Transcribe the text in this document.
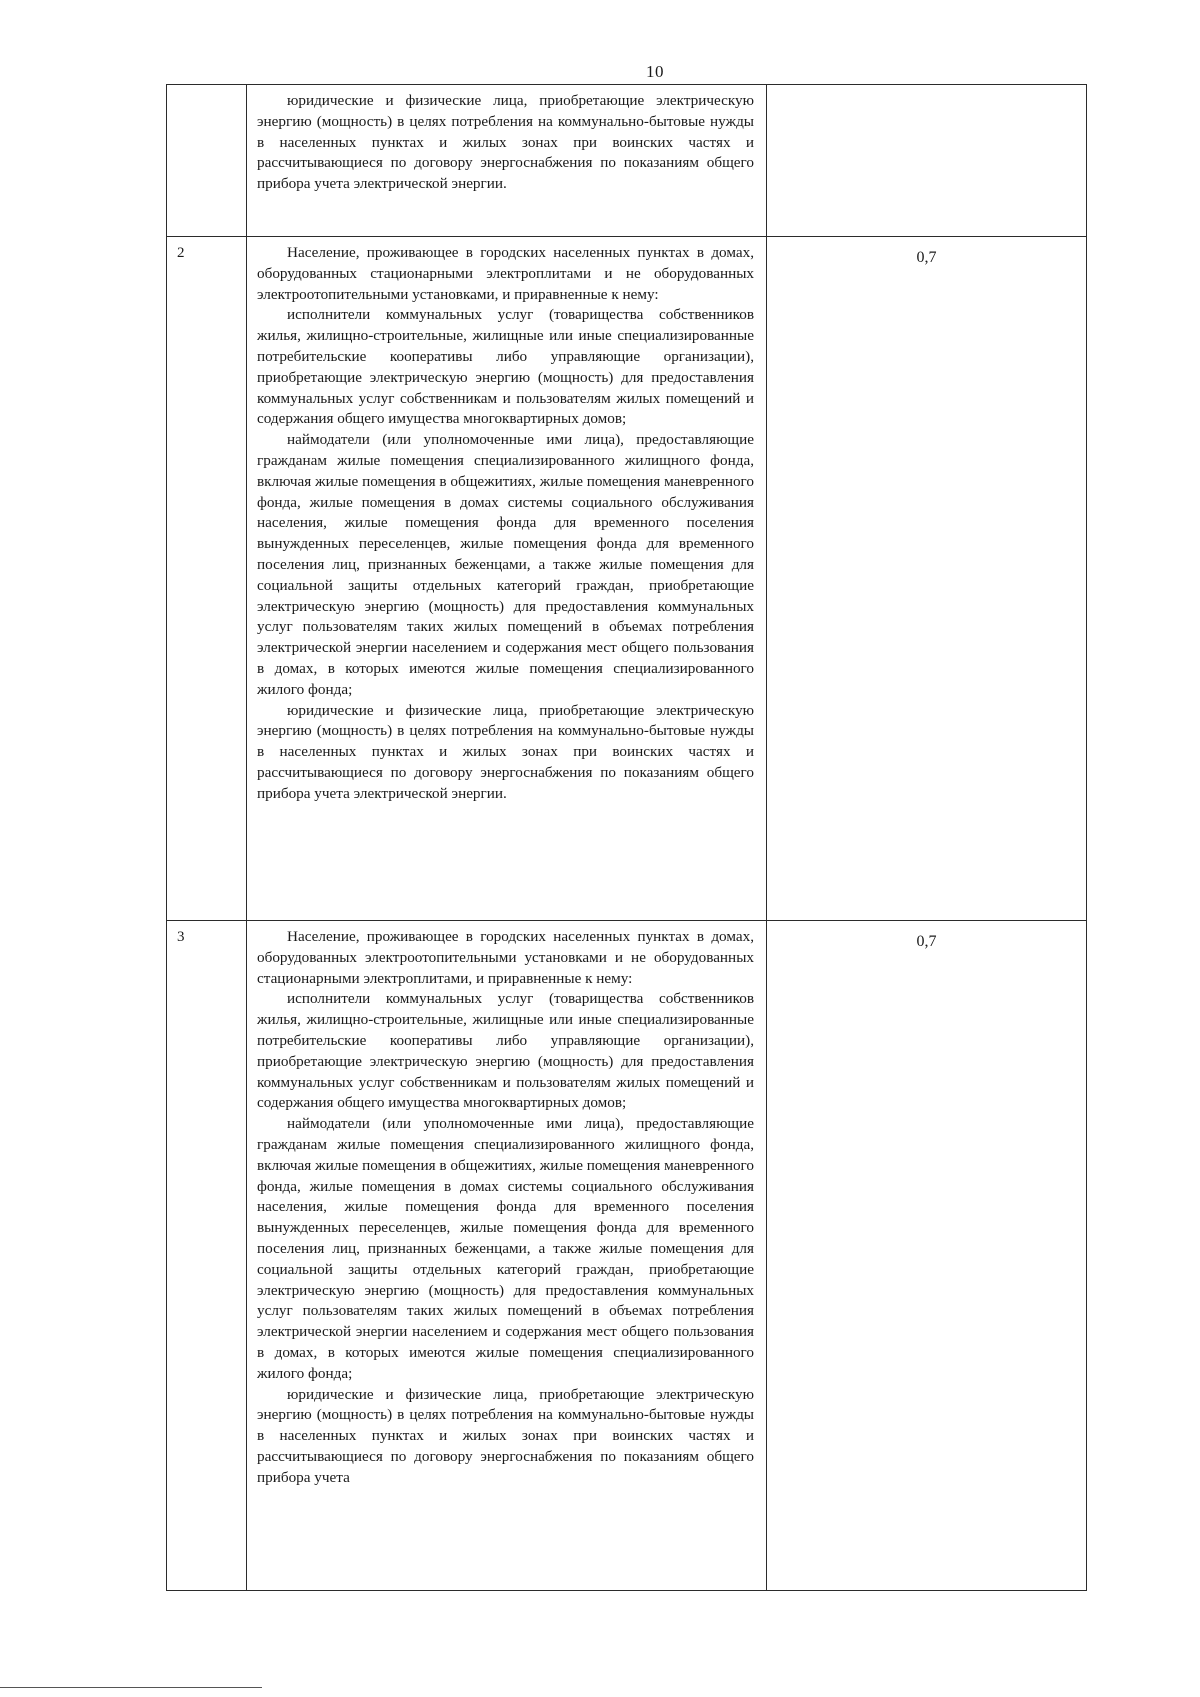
10

	юридические и физические лица, приобретающие электрическую энергию (мощность) в целях потребления на коммунально-бытовые нужды в населенных пунктах и жилых зонах при воинских частях и рассчитывающиеся по договору энергоснабжения по показаниям общего прибора учета электрической энергии.	

2	Население, проживающее в городских населенных пунктах в домах, оборудованных стационарными электроплитами и не оборудованных электроотопительными установками, и приравненные к нему:

исполнители коммунальных услуг (товарищества собственников жилья, жилищно-строительные, жилищные или иные специализированные потребительские кооперативы либо управляющие организации), приобретающие электрическую энергию (мощность) для предоставления коммунальных услуг собственникам и пользователям жилых помещений и содержания общего имущества многоквартирных домов;

наймодатели (или уполномоченные ими лица), предоставляющие гражданам жилые помещения специализированного жилищного фонда, включая жилые помещения в общежитиях, жилые помещения маневренного фонда, жилые помещения в домах системы социального обслуживания населения, жилые помещения фонда для временного поселения вынужденных переселенцев, жилые помещения фонда для временного поселения лиц, признанных беженцами, а также жилые помещения для социальной защиты отдельных категорий граждан, приобретающие электрическую энергию (мощность) для предоставления коммунальных услуг пользователям таких жилых помещений в объемах потребления электрической энергии населением и содержания мест общего пользования в домах, в которых имеются жилые помещения специализированного жилого фонда;

юридические и физические лица, приобретающие электрическую энергию (мощность) в целях потребления на коммунально-бытовые нужды в населенных пунктах и жилых зонах при воинских частях и рассчитывающиеся по договору энергоснабжения по показаниям общего прибора учета электрической энергии.	0,7
3	Население, проживающее в городских населенных пунктах в домах, оборудованных электроотопительными установками и не оборудованных стационарными электроплитами, и приравненные к нему:

исполнители коммунальных услуг (товарищества собственников жилья, жилищно-строительные, жилищные или иные специализированные потребительские кооперативы либо управляющие организации), приобретающие электрическую энергию (мощность) для предоставления коммунальных услуг собственникам и пользователям жилых помещений и содержания общего имущества многоквартирных домов;

наймодатели (или уполномоченные ими лица), предоставляющие гражданам жилые помещения специализированного жилищного фонда, включая жилые помещения в общежитиях, жилые помещения маневренного фонда, жилые помещения в домах системы социального обслуживания населения, жилые помещения фонда для временного поселения вынужденных переселенцев, жилые помещения фонда для временного поселения лиц, признанных беженцами, а также жилые помещения для социальной защиты отдельных категорий граждан, приобретающие электрическую энергию (мощность) для предоставления коммунальных услуг пользователям таких жилых помещений в объемах потребления электрической энергии населением и содержания мест общего пользования в домах, в которых имеются жилые помещения специализированного жилого фонда;

юридические и физические лица, приобретающие электрическую энергию (мощность) в целях потребления на коммунально-бытовые нужды в населенных пунктах и жилых зонах при воинских частях и рассчитывающиеся по договору энергоснабжения по показаниям общего прибора учета	0,7
